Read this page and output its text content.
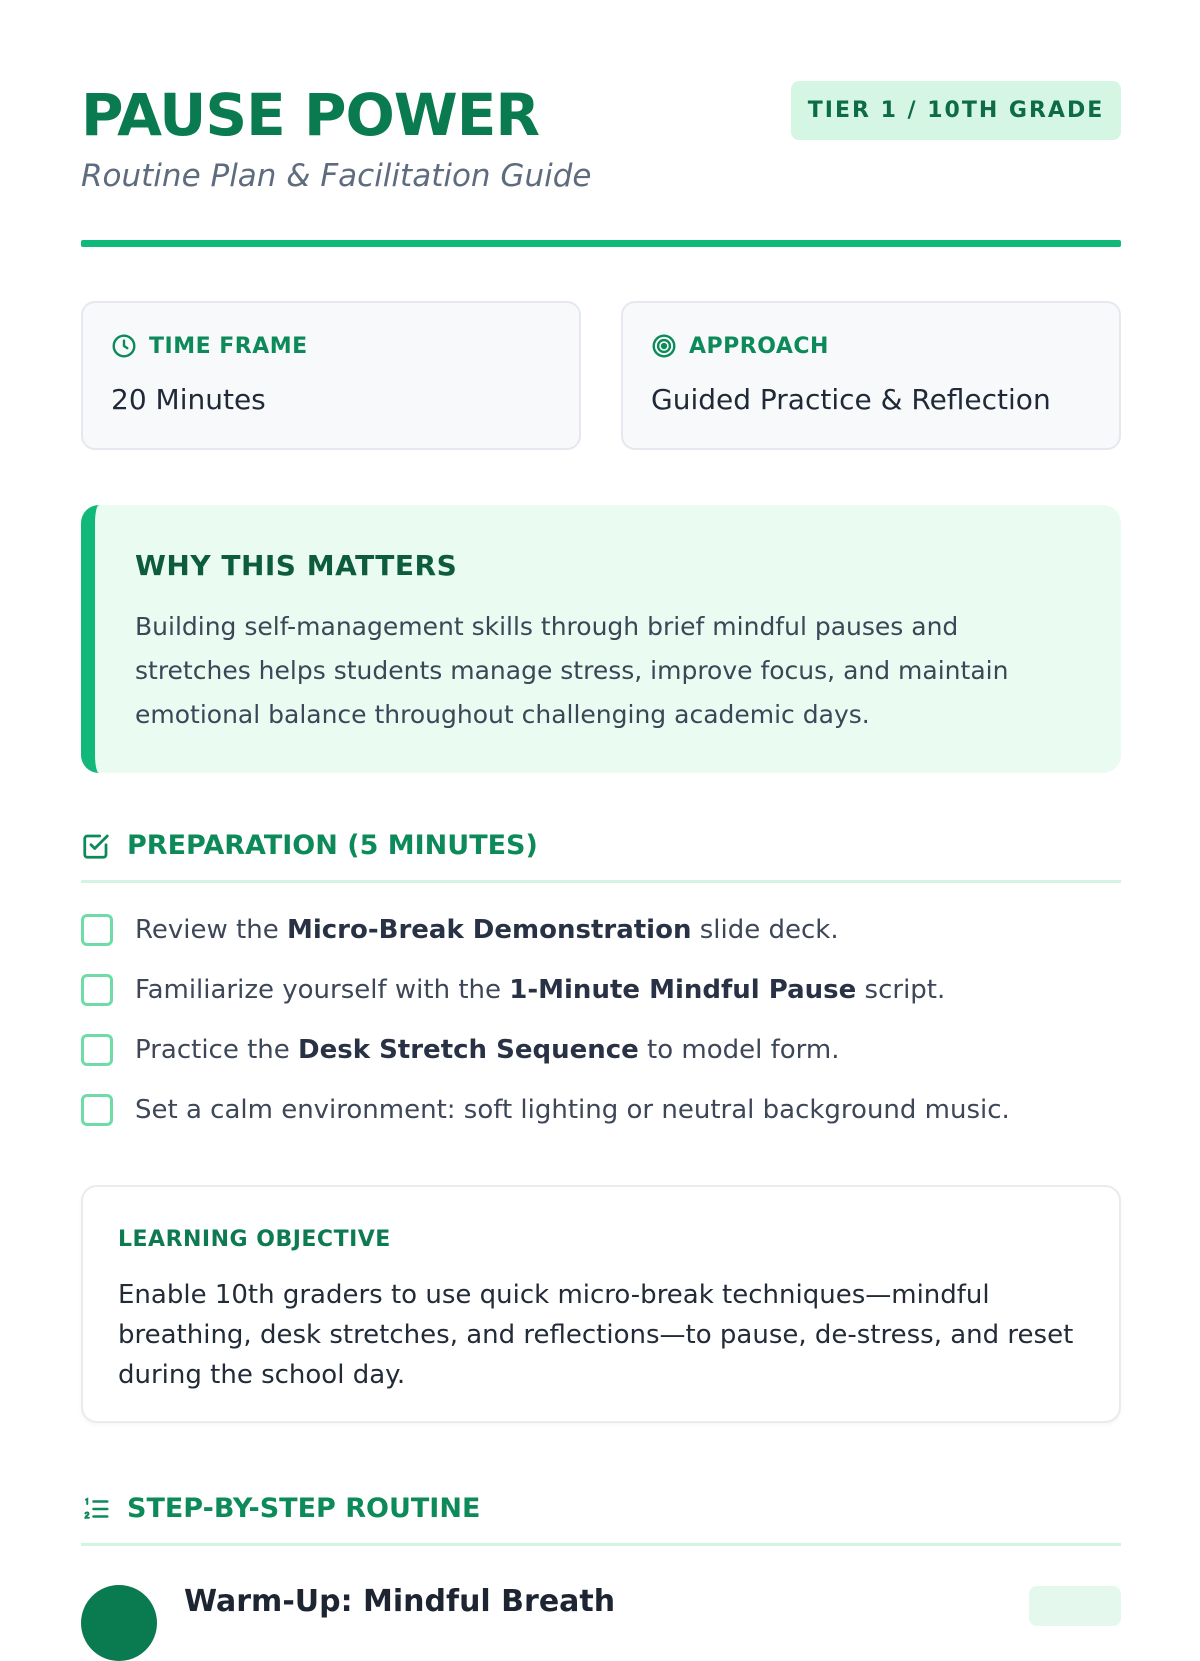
PAUSE POWER
Routine Plan & Facilitation Guide
TIER 1 / 10TH GRADE
TIME FRAME
20 Minutes
APPROACH
Guided Practice & Reflection
WHY THIS MATTERS

Building self-management skills through brief mindful pauses and stretches helps students manage stress, improve focus, and maintain emotional balance throughout challenging academic days.

PREPARATION (5 MINUTES)
Review the Micro-Break Demonstration slide deck.
Familiarize yourself with the 1-Minute Mindful Pause script.
Practice the Desk Stretch Sequence to model form.
Set a calm environment: soft lighting or neutral background music.
LEARNING OBJECTIVE

Enable 10th graders to use quick micro-break techniques—mindful breathing, desk stretches, and reflections—to pause, de-stress, and reset during the school day.

STEP-BY-STEP ROUTINE
Warm-Up: Mindful Breath
